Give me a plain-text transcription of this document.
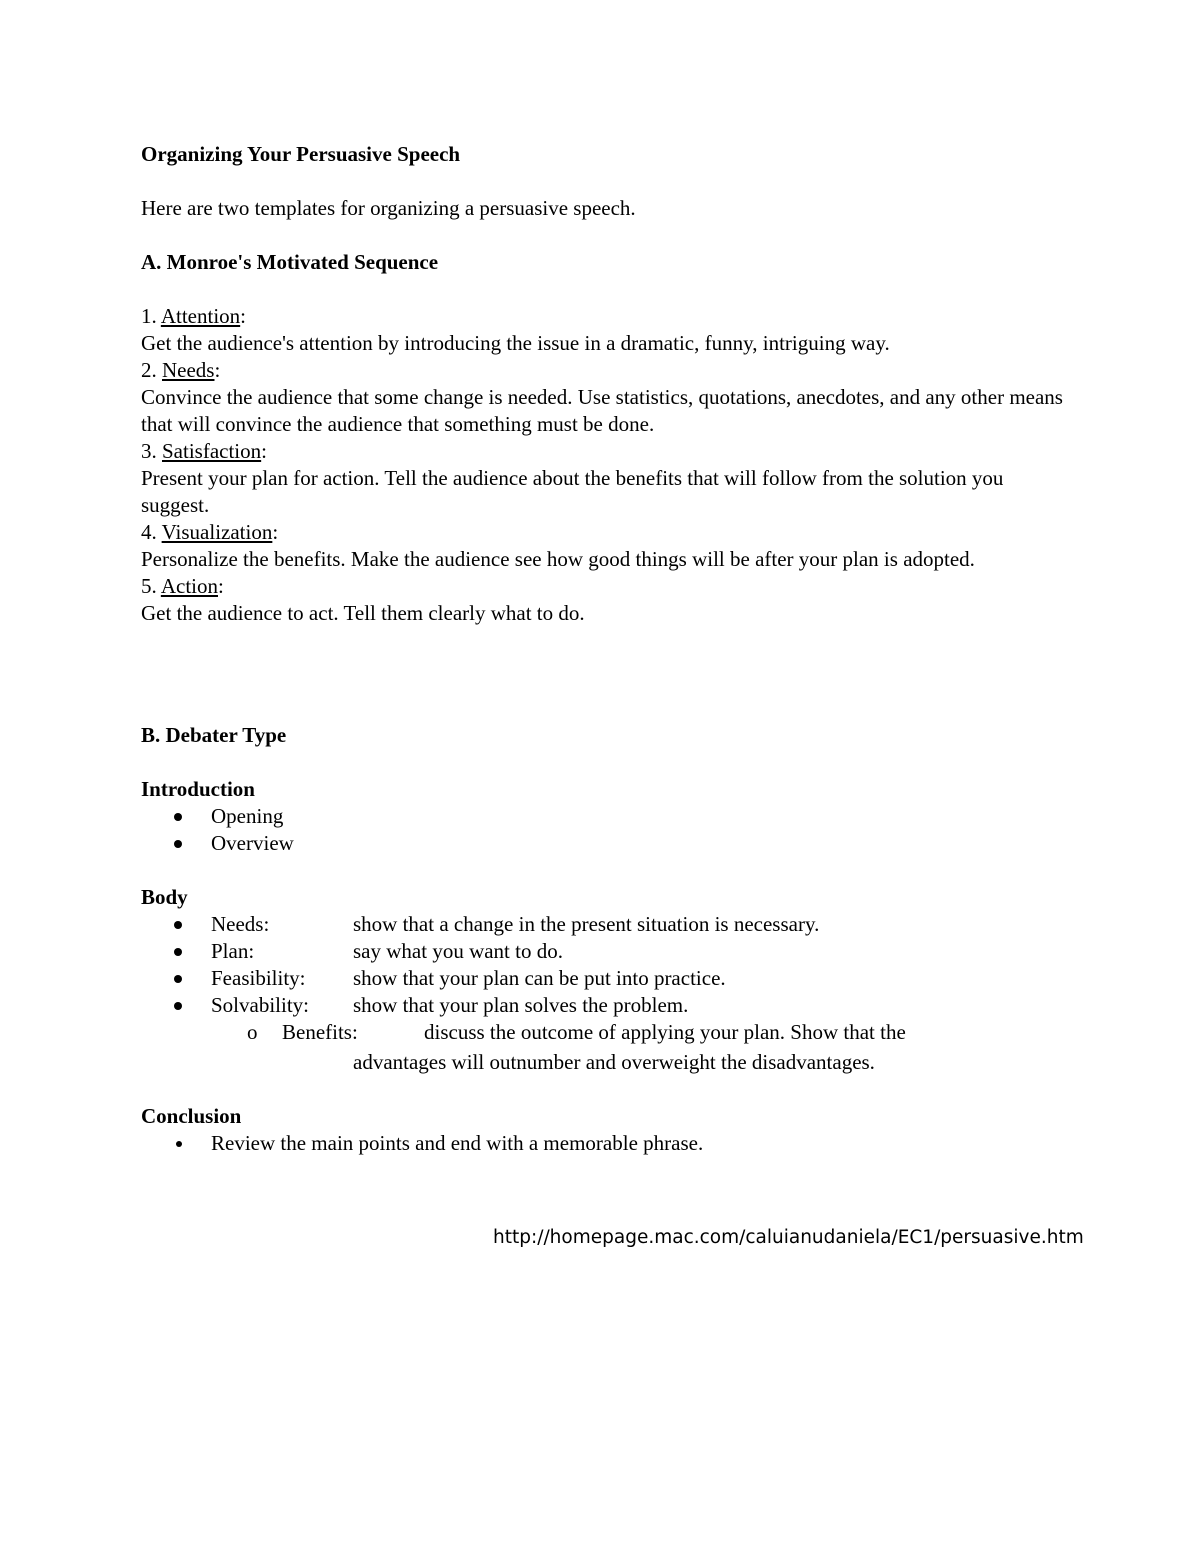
Organizing Your Persuasive Speech

Here are two templates for organizing a persuasive speech.

A. Monroe's Motivated Sequence

1. Attention:

Get the audience's attention by introducing the issue in a dramatic, funny, intriguing way.

2. Needs:

Convince the audience that some change is needed. Use statistics, quotations, anecdotes, and any other means that will convince the audience that something must be done.

3. Satisfaction:

Present your plan for action. Tell the audience about the benefits that will follow from the solution you suggest.

4. Visualization:

Personalize the benefits. Make the audience see how good things will be after your plan is adopted.

5. Action:

Get the audience to act. Tell them clearly what to do.

B. Debater Type

Introduction

Opening
Overview

Body

Needs:	show that a change in the present situation is necessary.
Plan:	say what you want to do.
Feasibility: show that your plan can be put into practice.
Solvability: show that your plan solves the problem.
o Benefits:	discuss the outcome of applying your plan. Show that the
advantages will outnumber and overweight the disadvantages.

Conclusion

Review the main points and end with a memorable phrase.
http://homepage.mac.com/caluianudaniela/EC1/persuasive.htm
